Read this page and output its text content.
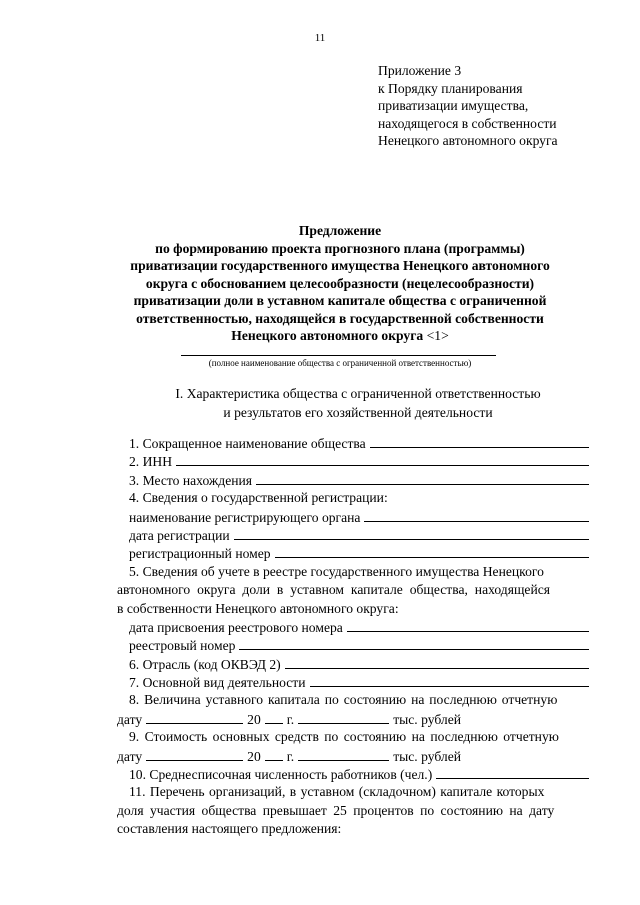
11
Приложение 3
к Порядку планирования
приватизации имущества,
находящегося в собственности
Ненецкого автономного округа
Предложение
по формированию проекта прогнозного плана (программы)
приватизации государственного имущества Ненецкого автономного
округа с обоснованием целесообразности (нецелесообразности)
приватизации доли в уставном капитале общества с ограниченной
ответственностью, находящейся в государственной собственности
Ненецкого автономного округа <1>
(полное наименование общества с ограниченной ответственностью)
I. Характеристика общества с ограниченной ответственностью
и результатов его хозяйственной деятельности
1. Сокращенное наименование общества
2. ИНН
3. Место нахождения
4. Сведения о государственной регистрации:
наименование регистрирующего органа
дата регистрации
регистрационный номер
5. Сведения об учете в реестре государственного имущества Ненецкого
автономного округа доли в уставном капитале общества, находящейся
в собственности Ненецкого автономного округа:
дата присвоения реестрового номера
реестровый номер
6. Отрасль (код ОКВЭД 2)
7. Основной вид деятельности
8. Величина уставного капитала по состоянию на последнюю отчетную
дату	20 г.	тыс. рублей
9. Стоимость основных средств по состоянию на последнюю отчетную
дату	20 г.	тыс. рублей
10. Среднесписочная численность работников (чел.)
11. Перечень организаций, в уставном (складочном) капитале которых
доля участия общества превышает 25 процентов по состоянию на дату
составления настоящего предложения:
